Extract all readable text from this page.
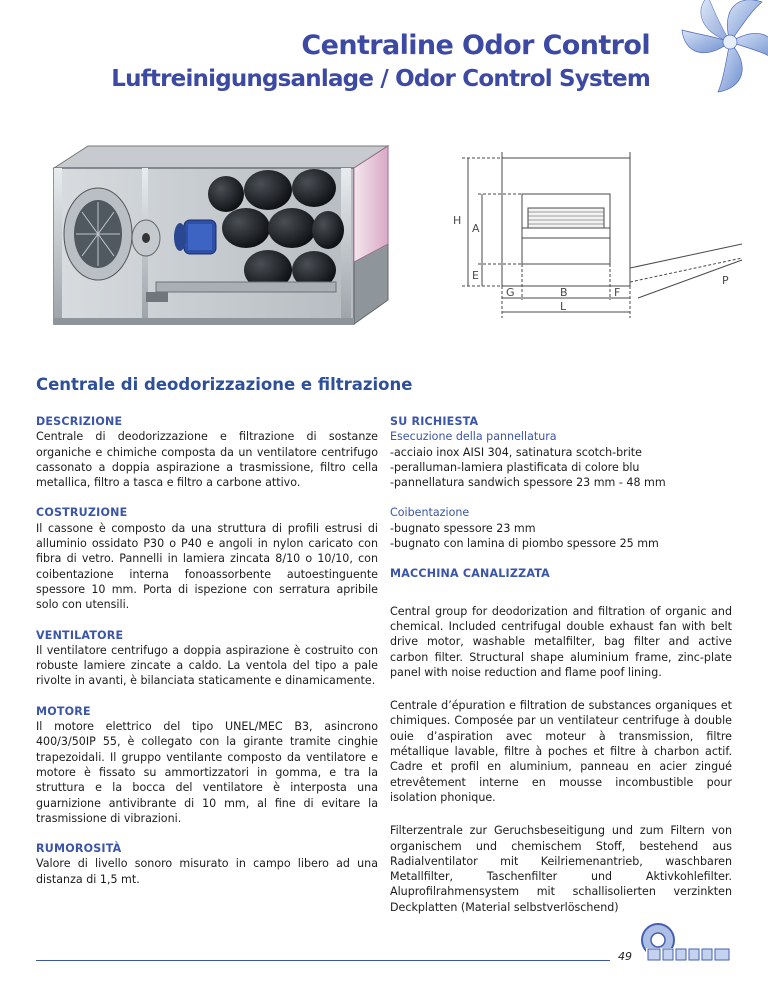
Centraline Odor Control
Luftreinigungsanlage / Odor Control System
H
A
E	P
G	B	F
L
Centrale di deodorizzazione e filtrazione
DESCRIZIONE
Centrale di deodorizzazione e filtrazione di sostanze organiche e chimiche composta da un ventilatore centrifugo cassonato a doppia aspirazione a trasmissione, filtro cella metallica, filtro a tasca e filtro a carbone attivo.
COSTRUZIONE
Il cassone è composto da una struttura di profili estrusi di alluminio ossidato P30 o P40 e angoli in nylon caricato con fibra di vetro. Pannelli in lamiera zincata 8/10 o 10/10, con coibentazione interna fonoassorbente autoestinguente spessore 10 mm. Porta di ispezione con serratura apribile solo con utensili.
VENTILATORE
Il ventilatore centrifugo a doppia aspirazione è costruito con robuste lamiere zincate a caldo. La ventola del tipo a pale rivolte in avanti, è bilanciata staticamente e dinamicamente.
MOTORE
Il motore elettrico del tipo UNEL/MEC B3, asincrono 400/3/50IP 55, è collegato con la girante tramite cinghie trapezoidali. Il gruppo ventilante composto da ventilatore e motore è fissato su ammortizzatori in gomma, e tra la struttura e la bocca del ventilatore è interposta una guarnizione antivibrante di 10 mm, al fine di evitare la trasmissione di vibrazioni.
RUMOROSITÀ
Valore di livello sonoro misurato in campo libero ad una distanza di 1,5 mt.
SU RICHIESTA
Esecuzione della pannellatura
-acciaio inox AISI 304, satinatura scotch-brite
-peralluman-lamiera plastificata di colore blu
-pannellatura sandwich spessore 23 mm - 48 mm
Coibentazione
-bugnato spessore 23 mm
-bugnato con lamina di piombo spessore 25 mm
MACCHINA CANALIZZATA
Central group for deodorization and filtration of organic and chemical. Included centrifugal double exhaust fan with belt drive motor, washable metalfilter, bag filter and active carbon filter. Structural shape aluminium frame, zinc-plate panel with noise reduction and flame poof lining.
Centrale d’épuration e filtration de substances organiques et chimiques. Composée par un ventilateur centrifuge à double ouie d’aspiration avec moteur à transmission, filtre métallique lavable, filtre à poches et filtre à charbon actif. Cadre et profil en aluminium, panneau en acier zingué etrevêtement interne en mousse incombustible pour isolation phonique.
Filterzentrale zur Geruchsbeseitigung und zum Filtern von organischem und chemischem Stoff, bestehend aus Radialventilator mit Keilriemenantrieb, waschbaren Metallfilter, Taschenfilter und Aktivkohlefilter. Aluprofilrahmensystem mit schallisolierten verzinkten Deckplatten (Material selbstverlöschend)
49
